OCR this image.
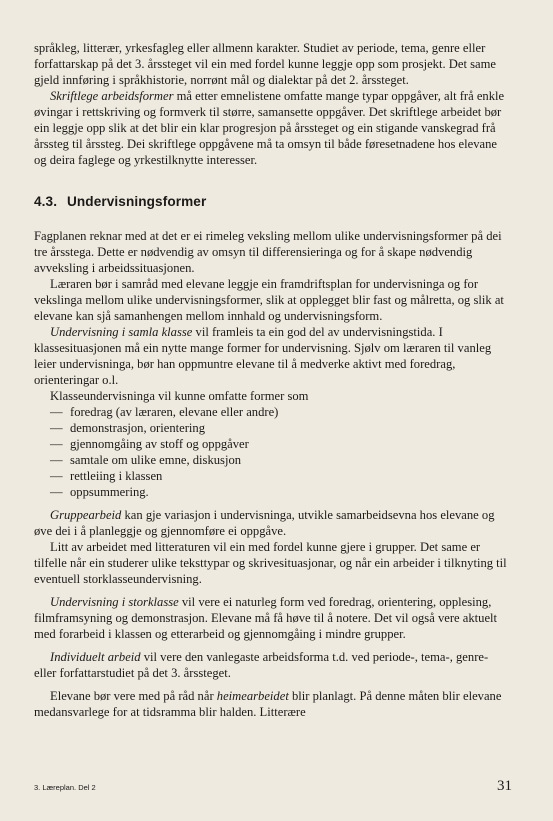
språkleg, litterær, yrkesfagleg eller allmenn karakter. Studiet av periode, tema, genre eller forfattarskap på det 3. årssteget vil ein med fordel kunne leggje opp som prosjekt. Det same gjeld innføring i språkhistorie, norrønt mål og dialektar på det 2. årssteget.

Skriftlege arbeidsformer må etter emnelistene omfatte mange typar oppgåver, alt frå enkle øvingar i rettskriving og formverk til større, samansette oppgåver. Det skriftlege arbeidet bør ein leggje opp slik at det blir ein klar progresjon på årssteget og ein stigande vanskegrad frå årssteg til årssteg. Dei skriftlege oppgåvene må ta omsyn til både føresetnadene hos elevane og deira faglege og yrkestilknytte interesser.

4.3. Undervisningsformer

Fagplanen reknar med at det er ei rimeleg veksling mellom ulike undervisningsformer på dei tre årsstega. Dette er nødvendig av omsyn til differensieringa og for å skape nødvendig avveksling i arbeidssituasjonen.

Læraren bør i samråd med elevane leggje ein framdriftsplan for undervisninga og for vekslinga mellom ulike undervisningsformer, slik at opplegget blir fast og målretta, og slik at elevane kan sjå samanhengen mellom innhald og undervisningsform.

Undervisning i samla klasse vil framleis ta ein god del av undervisningstida. I klassesituasjonen må ein nytte mange former for undervisning. Sjølv om læraren til vanleg leier undervisninga, bør han oppmuntre elevane til å medverke aktivt med foredrag, orienteringar o.l.

Klasseundervisninga vil kunne omfatte former som

— foredrag (av læraren, elevane eller andre)
— demonstrasjon, orientering
— gjennomgåing av stoff og oppgåver
— samtale om ulike emne, diskusjon
— rettleiing i klassen
— oppsummering.

Gruppearbeid kan gje variasjon i undervisninga, utvikle samarbeidsevna hos elevane og øve dei i å planleggje og gjennomføre ei oppgåve.

Litt av arbeidet med litteraturen vil ein med fordel kunne gjere i grupper. Det same er tilfelle når ein studerer ulike teksttypar og skrivesituasjonar, og når ein arbeider i tilknyting til eventuell storklasseundervisning.

Undervisning i storklasse vil vere ei naturleg form ved foredrag, orientering, opplesing, filmframsyning og demonstrasjon. Elevane må få høve til å notere. Det vil også vere aktuelt med forarbeid i klassen og etterarbeid og gjennomgåing i mindre grupper.

Individuelt arbeid vil vere den vanlegaste arbeidsforma t.d. ved periode-, tema-, genre- eller forfattarstudiet på det 3. årssteget.

Elevane bør vere med på råd når heimearbeidet blir planlagt. På denne måten blir elevane medansvarlege for at tidsramma blir halden. Litterære

3. Læreplan. Del 2	31
